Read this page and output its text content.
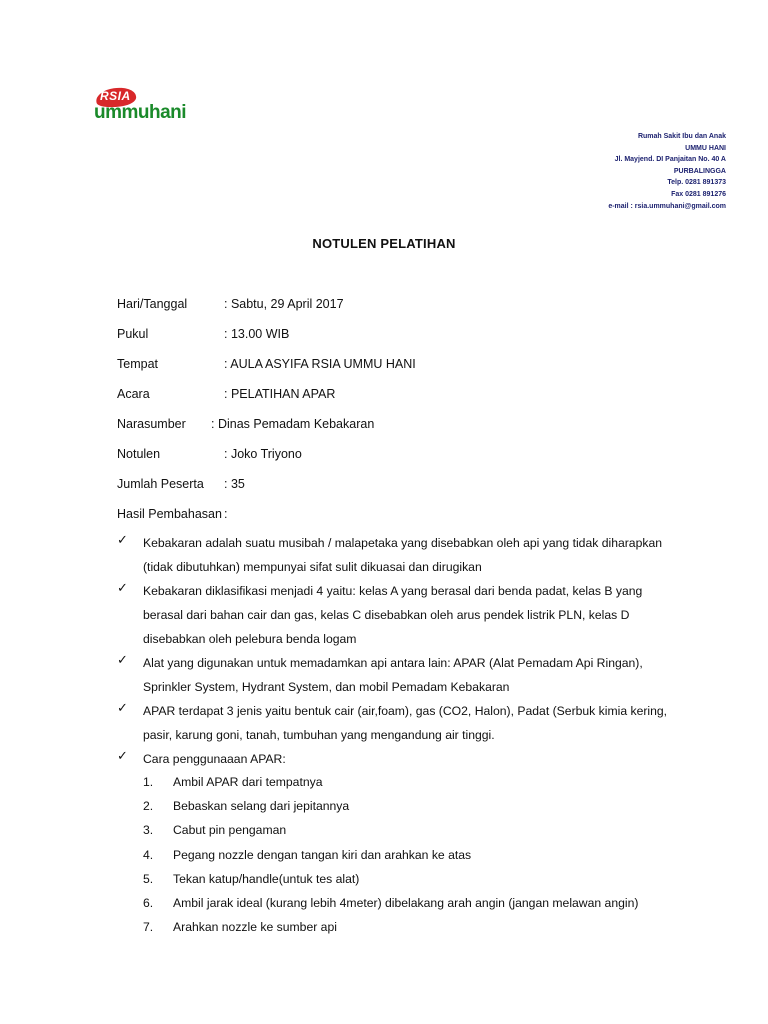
RSIA
ummuhani
Rumah Sakit Ibu dan Anak
UMMU HANI
Jl. Mayjend. DI Panjaitan No. 40 A
PURBALINGGA
Telp. 0281 891373
Fax 0281 891276
e-mail : rsia.ummuhani@gmail.com
NOTULEN PELATIHAN
Hari/Tanggal	: Sabtu, 29 April 2017
Pukul	: 13.00 WIB
Tempat	: AULA ASYIFA RSIA UMMU HANI
Acara	: PELATIHAN APAR
Narasumber : Dinas Pemadam Kebakaran
Notulen	: Joko Triyono
Jumlah Peserta : 35
Hasil Pembahasan :
✓ Kebakaran adalah suatu musibah / malapetaka yang disebabkan oleh api yang tidak diharapkan
(tidak dibutuhkan) mempunyai sifat sulit dikuasai dan dirugikan
✓ Kebakaran diklasifikasi menjadi 4 yaitu: kelas A yang berasal dari benda padat, kelas B yang
berasal dari bahan cair dan gas, kelas C disebabkan oleh arus pendek listrik PLN, kelas D
disebabkan oleh pelebura benda logam
✓ Alat yang digunakan untuk memadamkan api antara lain: APAR (Alat Pemadam Api Ringan),
Sprinkler System, Hydrant System, dan mobil Pemadam Kebakaran
✓ APAR terdapat 3 jenis yaitu bentuk cair (air,foam), gas (CO2, Halon), Padat (Serbuk kimia kering,
pasir, karung goni, tanah, tumbuhan yang mengandung air tinggi.
✓ Cara penggunaaan APAR:
1. Ambil APAR dari tempatnya
2. Bebaskan selang dari jepitannya
3. Cabut pin pengaman
4. Pegang nozzle dengan tangan kiri dan arahkan ke atas
5. Tekan katup/handle(untuk tes alat)
6. Ambil jarak ideal (kurang lebih 4meter) dibelakang arah angin (jangan melawan angin)
7. Arahkan nozzle ke sumber api
